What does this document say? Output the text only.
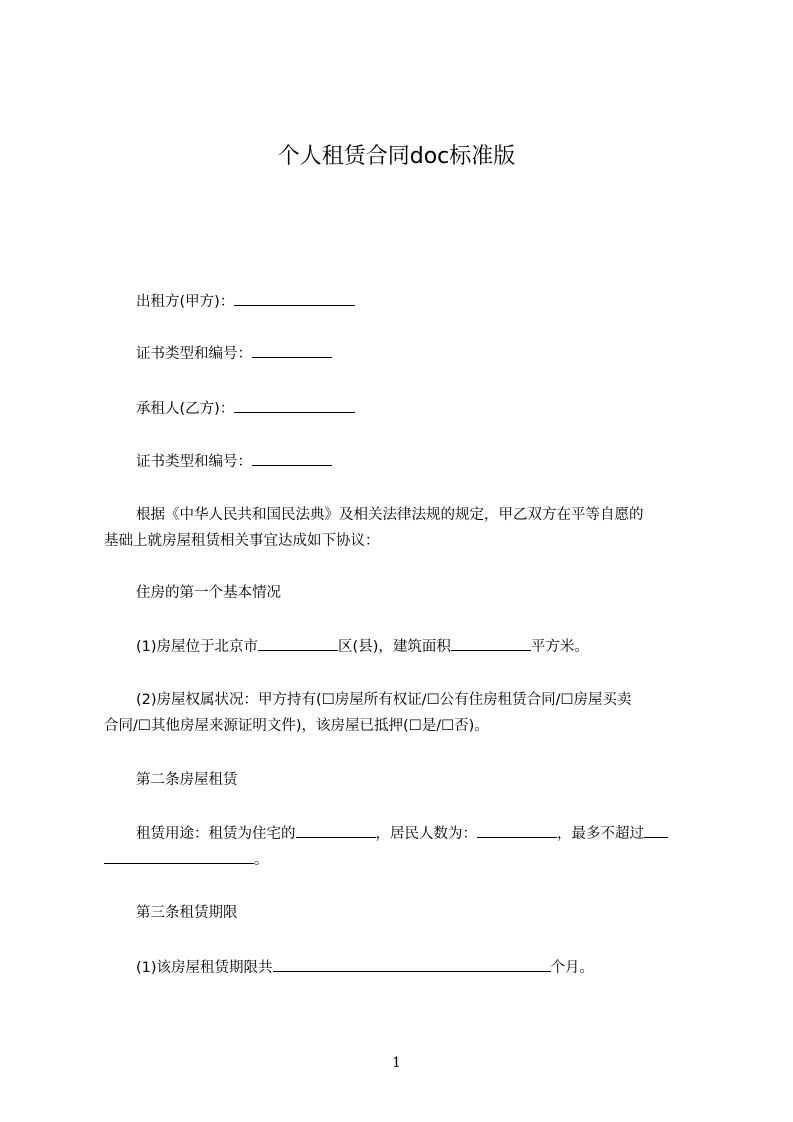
个人租赁合同doc标准版
出租方(甲方)：
证书类型和编号：
承租人(乙方)：
证书类型和编号：
根据《中华人民共和国民法典》及相关法律法规的规定，甲乙双方在平等自愿的
基础上就房屋租赁相关事宜达成如下协议：
住房的第一个基本情况
(1)房屋位于北京市	区(县)，建筑面积	平方米。
(2)房屋权属状况：甲方持有(☐房屋所有权证/☐公有住房租赁合同/☐房屋买卖
合同/☐其他房屋来源证明文件)，该房屋已抵押(☐是/☐否)。
第二条房屋租赁
租赁用途：租赁为住宅的	，居民人数为：	，最多不超过
。
第三条租赁期限
(1)该房屋租赁期限共	个月。
1
